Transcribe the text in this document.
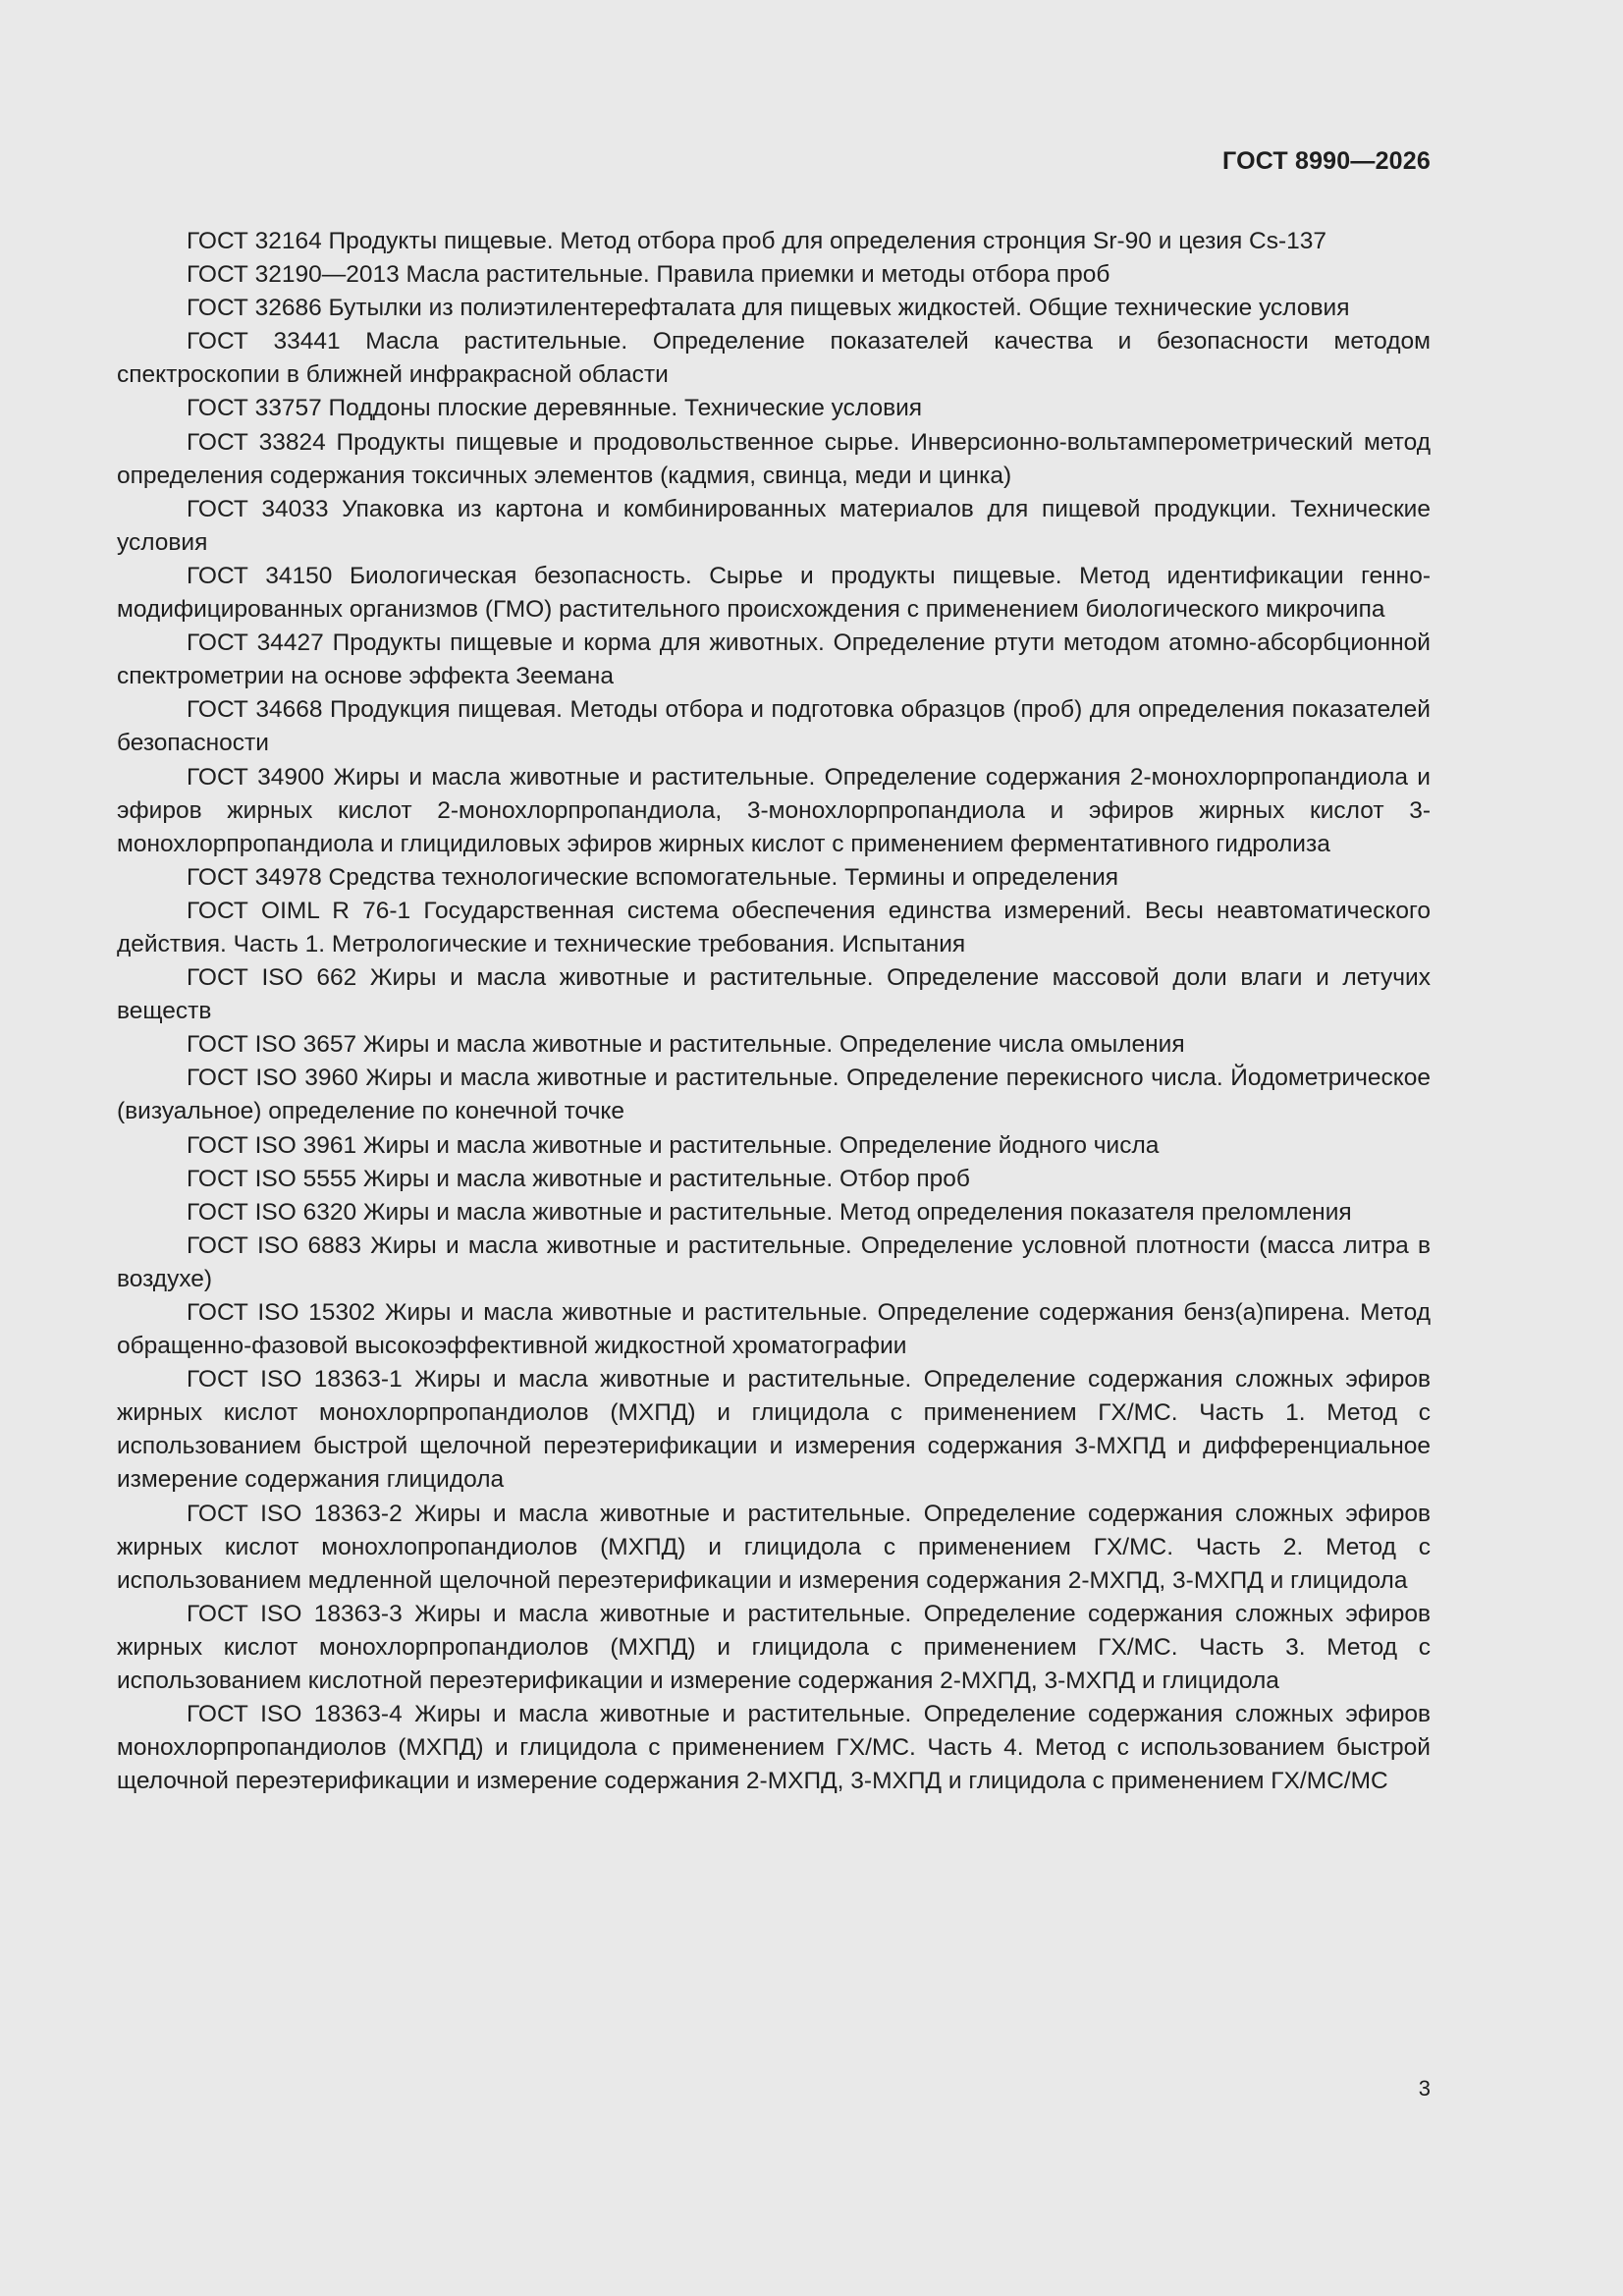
ГОСТ 8990—2026

ГОСТ 32164 Продукты пищевые. Метод отбора проб для определения стронция Sr-90 и цезия Cs-137

ГОСТ 32190—2013 Масла растительные. Правила приемки и методы отбора проб

ГОСТ 32686 Бутылки из полиэтилентерефталата для пищевых жидкостей. Общие технические условия

ГОСТ 33441 Масла растительные. Определение показателей качества и безопасности методом спектроскопии в ближней инфракрасной области

ГОСТ 33757 Поддоны плоские деревянные. Технические условия

ГОСТ 33824 Продукты пищевые и продовольственное сырье. Инверсионно-вольтамперометрический метод определения содержания токсичных элементов (кадмия, свинца, меди и цинка)

ГОСТ 34033 Упаковка из картона и комбинированных материалов для пищевой продукции. Технические условия

ГОСТ 34150 Биологическая безопасность. Сырье и продукты пищевые. Метод идентификации генно-модифицированных организмов (ГМО) растительного происхождения с применением биологического микрочипа

ГОСТ 34427 Продукты пищевые и корма для животных. Определение ртути методом атомно-абсорбционной спектрометрии на основе эффекта Зеемана

ГОСТ 34668 Продукция пищевая. Методы отбора и подготовка образцов (проб) для определения показателей безопасности

ГОСТ 34900 Жиры и масла животные и растительные. Определение содержания 2-монохлорпропандиола и эфиров жирных кислот 2-монохлорпропандиола, 3-монохлорпропандиола и эфиров жирных кислот 3-монохлорпропандиола и глицидиловых эфиров жирных кислот с применением ферментативного гидролиза

ГОСТ 34978 Средства технологические вспомогательные. Термины и определения

ГОСТ OIML R 76-1 Государственная система обеспечения единства измерений. Весы неавтоматического действия. Часть 1. Метрологические и технические требования. Испытания

ГОСТ ISO 662 Жиры и масла животные и растительные. Определение массовой доли влаги и летучих веществ

ГОСТ ISO 3657 Жиры и масла животные и растительные. Определение числа омыления

ГОСТ ISO 3960 Жиры и масла животные и растительные. Определение перекисного числа. Йодометрическое (визуальное) определение по конечной точке

ГОСТ ISO 3961 Жиры и масла животные и растительные. Определение йодного числа

ГОСТ ISO 5555 Жиры и масла животные и растительные. Отбор проб

ГОСТ ISO 6320 Жиры и масла животные и растительные. Метод определения показателя преломления

ГОСТ ISO 6883 Жиры и масла животные и растительные. Определение условной плотности (масса литра в воздухе)

ГОСТ ISO 15302 Жиры и масла животные и растительные. Определение содержания бенз(а)пирена. Метод обращенно-фазовой высокоэффективной жидкостной хроматографии

ГОСТ ISO 18363-1 Жиры и масла животные и растительные. Определение содержания сложных эфиров жирных кислот монохлорпропандиолов (МХПД) и глицидола с применением ГХ/МС. Часть 1. Метод с использованием быстрой щелочной переэтерификации и измерения содержания 3-МХПД и дифференциальное измерение содержания глицидола

ГОСТ ISO 18363-2 Жиры и масла животные и растительные. Определение содержания сложных эфиров жирных кислот монохлопропандиолов (МХПД) и глицидола с применением ГХ/МС. Часть 2. Метод с использованием медленной щелочной переэтерификации и измерения содержания 2-МХПД, 3-МХПД и глицидола

ГОСТ ISO 18363-3 Жиры и масла животные и растительные. Определение содержания сложных эфиров жирных кислот монохлорпропандиолов (МХПД) и глицидола с применением ГХ/МС. Часть 3. Метод с использованием кислотной переэтерификации и измерение содержания 2-МХПД, 3-МХПД и глицидола

ГОСТ ISO 18363-4 Жиры и масла животные и растительные. Определение содержания сложных эфиров монохлорпропандиолов (МХПД) и глицидола с применением ГХ/МС. Часть 4. Метод с использованием быстрой щелочной переэтерификации и измерение содержания 2-МХПД, 3-МХПД и глицидола с применением ГХ/МС/МС

3
